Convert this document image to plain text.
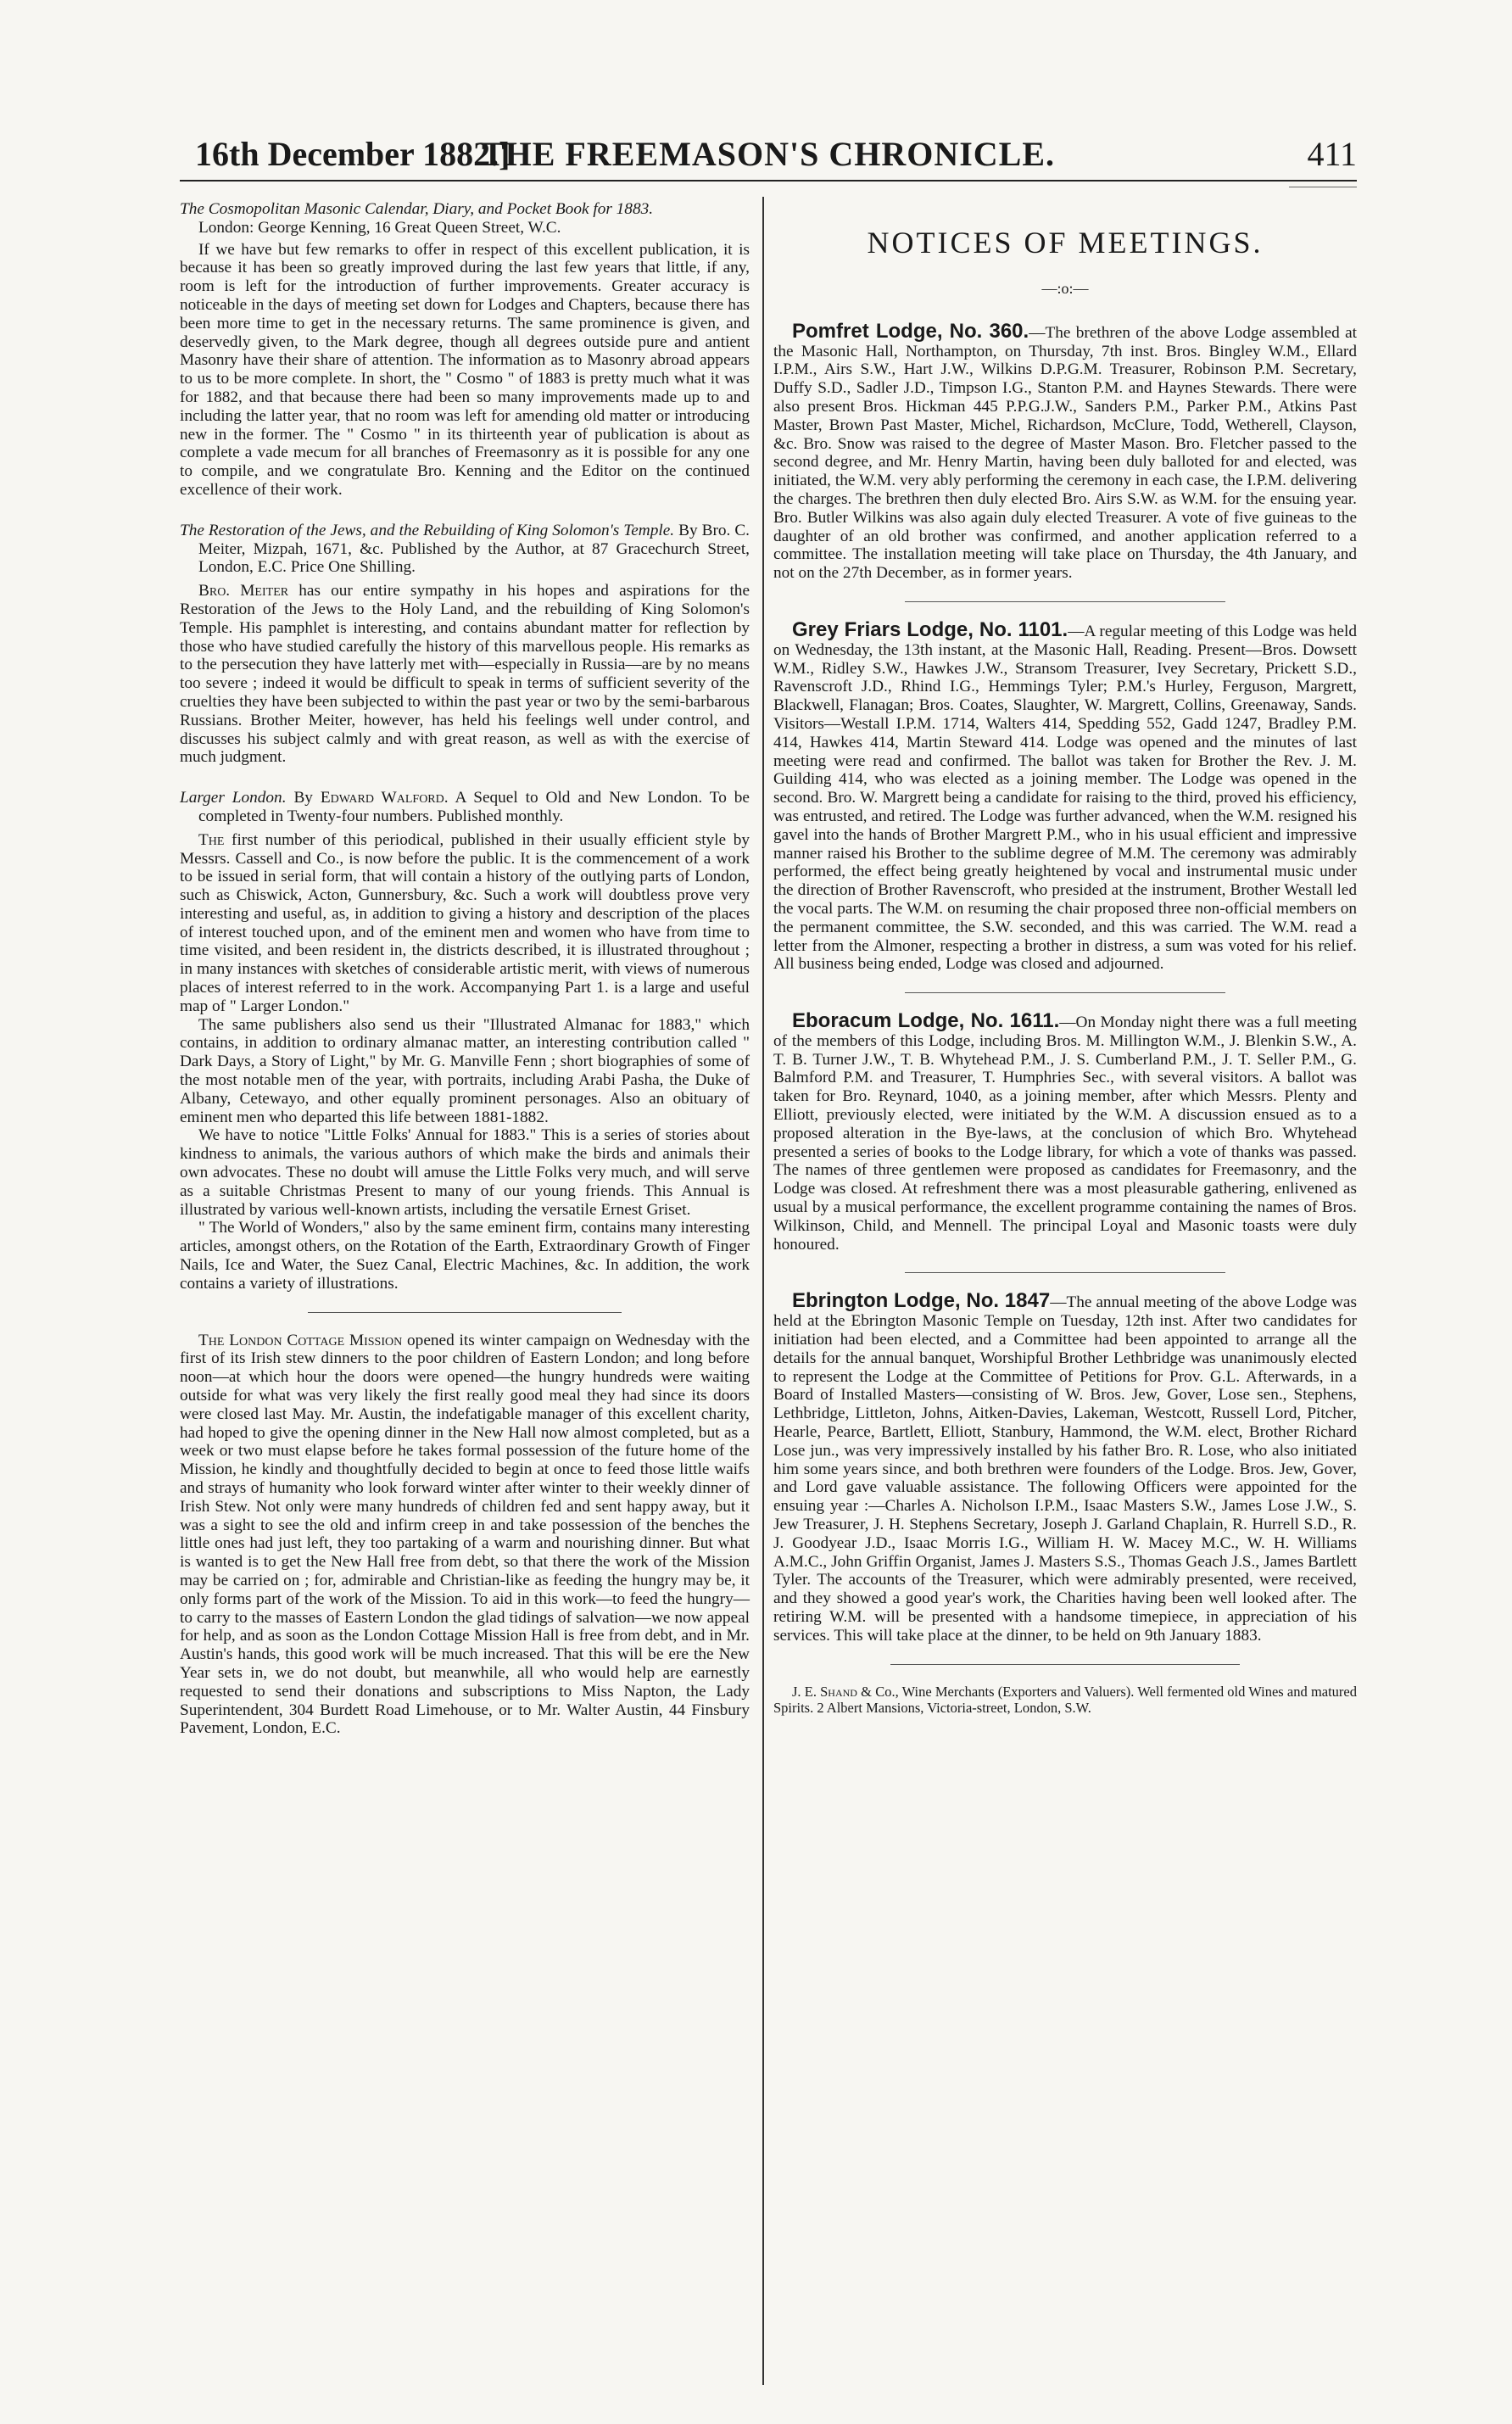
16th December 1882.]
THE FREEMASON'S CHRONICLE.	411

The Cosmopolitan Masonic Calendar, Diary, and Pocket Book for 1883.
London: George Kenning, 16 Great Queen Street, W.C.

If we have but few remarks to offer in respect of this excellent publication, it is because it has been so greatly improved during the last few years that little, if any, room is left for the introduction of further improvements. Greater accuracy is noticeable in the days of meeting set down for Lodges and Chapters, because there has been more time to get in the necessary returns. The same prominence is given, and deservedly given, to the Mark degree, though all degrees outside pure and antient Masonry have their share of attention. The information as to Masonry abroad appears to us to be more complete. In short, the " Cosmo " of 1883 is pretty much what it was for 1882, and that because there had been so many improvements made up to and including the latter year, that no room was left for amending old matter or introducing new in the former. The " Cosmo " in its thirteenth year of publication is about as complete a vade mecum for all branches of Freemasonry as it is possible for any one to compile, and we congratulate Bro. Kenning and the Editor on the continued excellence of their work.

The Restoration of the Jews, and the Rebuilding of King Solomon's Temple. By Bro. C. Meiter, Mizpah, 1671, &c. Published by the Author, at 87 Gracechurch Street, London, E.C. Price One Shilling.

Bro. Meiter has our entire sympathy in his hopes and aspirations for the Restoration of the Jews to the Holy Land, and the rebuilding of King Solomon's Temple. His pamphlet is interesting, and contains abundant matter for reflection by those who have studied carefully the history of this marvellous people. His remarks as to the persecution they have latterly met with—especially in Russia—are by no means too severe ; indeed it would be difficult to speak in terms of sufficient severity of the cruelties they have been subjected to within the past year or two by the semi-barbarous Russians. Brother Meiter, however, has held his feelings well under control, and discusses his subject calmly and with great reason, as well as with the exercise of much judgment.

Larger London. By Edward Walford. A Sequel to Old and New London. To be completed in Twenty-four numbers. Published monthly.

The first number of this periodical, published in their usually efficient style by Messrs. Cassell and Co., is now before the public. It is the commencement of a work to be issued in serial form, that will contain a history of the outlying parts of London, such as Chiswick, Acton, Gunnersbury, &c. Such a work will doubtless prove very interesting and useful, as, in addition to giving a history and description of the places of interest touched upon, and of the eminent men and women who have from time to time visited, and been resident in, the districts described, it is illustrated throughout ; in many instances with sketches of considerable artistic merit, with views of numerous places of interest referred to in the work. Accompanying Part 1. is a large and useful map of " Larger London."

The same publishers also send us their "Illustrated Almanac for 1883," which contains, in addition to ordinary almanac matter, an interesting contribution called " Dark Days, a Story of Light," by Mr. G. Manville Fenn ; short biographies of some of the most notable men of the year, with portraits, including Arabi Pasha, the Duke of Albany, Cetewayo, and other equally prominent personages. Also an obituary of eminent men who departed this life between 1881-1882.

We have to notice "Little Folks' Annual for 1883." This is a series of stories about kindness to animals, the various authors of which make the birds and animals their own advocates. These no doubt will amuse the Little Folks very much, and will serve as a suitable Christmas Present to many of our young friends. This Annual is illustrated by various well-known artists, including the versatile Ernest Griset.

" The World of Wonders," also by the same eminent firm, contains many interesting articles, amongst others, on the Rotation of the Earth, Extraordinary Growth of Finger Nails, Ice and Water, the Suez Canal, Electric Machines, &c. In addition, the work contains a variety of illustrations.

The London Cottage Mission opened its winter campaign on Wednesday with the first of its Irish stew dinners to the poor children of Eastern London; and long before noon—at which hour the doors were opened—the hungry hundreds were waiting outside for what was very likely the first really good meal they had since its doors were closed last May. Mr. Austin, the indefatigable manager of this excellent charity, had hoped to give the opening dinner in the New Hall now almost completed, but as a week or two must elapse before he takes formal possession of the future home of the Mission, he kindly and thoughtfully decided to begin at once to feed those little waifs and strays of humanity who look forward winter after winter to their weekly dinner of Irish Stew. Not only were many hundreds of children fed and sent happy away, but it was a sight to see the old and infirm creep in and take possession of the benches the little ones had just left, they too partaking of a warm and nourishing dinner. But what is wanted is to get the New Hall free from debt, so that there the work of the Mission may be carried on ; for, admirable and Christian-like as feeding the hungry may be, it only forms part of the work of the Mission. To aid in this work—to feed the hungry— to carry to the masses of Eastern London the glad tidings of salvation—we now appeal for help, and as soon as the London Cottage Mission Hall is free from debt, and in Mr. Austin's hands, this good work will be much increased. That this will be ere the New Year sets in, we do not doubt, but meanwhile, all who would help are earnestly requested to send their donations and subscriptions to Miss Napton, the Lady Superintendent, 304 Burdett Road Limehouse, or to Mr. Walter Austin, 44 Finsbury Pavement, London, E.C.

NOTICES OF MEETINGS.
—:o:—

Pomfret Lodge, No. 360.—The brethren of the above Lodge assembled at the Masonic Hall, Northampton, on Thursday, 7th inst. Bros. Bingley W.M., Ellard I.P.M., Airs S.W., Hart J.W., Wilkins D.P.G.M. Treasurer, Robinson P.M. Secretary, Duffy S.D., Sadler J.D., Timpson I.G., Stanton P.M. and Haynes Stewards. There were also present Bros. Hickman 445 P.P.G.J.W., Sanders P.M., Parker P.M., Atkins Past Master, Brown Past Master, Michel, Richardson, McClure, Todd, Wetherell, Clayson, &c. Bro. Snow was raised to the degree of Master Mason. Bro. Fletcher passed to the second degree, and Mr. Henry Martin, having been duly balloted for and elected, was initiated, the W.M. very ably performing the ceremony in each case, the I.P.M. delivering the charges. The brethren then duly elected Bro. Airs S.W. as W.M. for the ensuing year. Bro. Butler Wilkins was also again duly elected Treasurer. A vote of five guineas to the daughter of an old brother was confirmed, and another application referred to a committee. The installation meeting will take place on Thursday, the 4th January, and not on the 27th December, as in former years.

Grey Friars Lodge, No. 1101.—A regular meeting of this Lodge was held on Wednesday, the 13th instant, at the Masonic Hall, Reading. Present—Bros. Dowsett W.M., Ridley S.W., Hawkes J.W., Stransom Treasurer, Ivey Secretary, Prickett S.D., Ravenscroft J.D., Rhind I.G., Hemmings Tyler; P.M.'s Hurley, Ferguson, Margrett, Blackwell, Flanagan; Bros. Coates, Slaughter, W. Margrett, Collins, Greenaway, Sands. Visitors—Westall I.P.M. 1714, Walters 414, Spedding 552, Gadd 1247, Bradley P.M. 414, Hawkes 414, Martin Steward 414. Lodge was opened and the minutes of last meeting were read and confirmed. The ballot was taken for Brother the Rev. J. M. Guilding 414, who was elected as a joining member. The Lodge was opened in the second. Bro. W. Margrett being a candidate for raising to the third, proved his efficiency, was entrusted, and retired. The Lodge was further advanced, when the W.M. resigned his gavel into the hands of Brother Margrett P.M., who in his usual efficient and impressive manner raised his Brother to the sublime degree of M.M. The ceremony was admirably performed, the effect being greatly heightened by vocal and instrumental music under the direction of Brother Ravenscroft, who presided at the instrument, Brother Westall led the vocal parts. The W.M. on resuming the chair proposed three non-official members on the permanent committee, the S.W. seconded, and this was carried. The W.M. read a letter from the Almoner, respecting a brother in distress, a sum was voted for his relief. All business being ended, Lodge was closed and adjourned.

Eboracum Lodge, No. 1611.—On Monday night there was a full meeting of the members of this Lodge, including Bros. M. Millington W.M., J. Blenkin S.W., A. T. B. Turner J.W., T. B. Whytehead P.M., J. S. Cumberland P.M., J. T. Seller P.M., G. Balmford P.M. and Treasurer, T. Humphries Sec., with several visitors. A ballot was taken for Bro. Reynard, 1040, as a joining member, after which Messrs. Plenty and Elliott, previously elected, were initiated by the W.M. A discussion ensued as to a proposed alteration in the Bye-laws, at the conclusion of which Bro. Whytehead presented a series of books to the Lodge library, for which a vote of thanks was passed. The names of three gentlemen were proposed as candidates for Freemasonry, and the Lodge was closed. At refreshment there was a most pleasurable gathering, enlivened as usual by a musical performance, the excellent programme containing the names of Bros. Wilkinson, Child, and Mennell. The principal Loyal and Masonic toasts were duly honoured.

Ebrington Lodge, No. 1847—The annual meeting of the above Lodge was held at the Ebrington Masonic Temple on Tuesday, 12th inst. After two candidates for initiation had been elected, and a Committee had been appointed to arrange all the details for the annual banquet, Worshipful Brother Lethbridge was unanimously elected to represent the Lodge at the Committee of Petitions for Prov. G.L. Afterwards, in a Board of Installed Masters—consisting of W. Bros. Jew, Gover, Lose sen., Stephens, Lethbridge, Littleton, Johns, Aitken-Davies, Lakeman, Westcott, Russell Lord, Pitcher, Hearle, Pearce, Bartlett, Elliott, Stanbury, Hammond, the W.M. elect, Brother Richard Lose jun., was very impressively installed by his father Bro. R. Lose, who also initiated him some years since, and both brethren were founders of the Lodge. Bros. Jew, Gover, and Lord gave valuable assistance. The following Officers were appointed for the ensuing year :—Charles A. Nicholson I.P.M., Isaac Masters S.W., James Lose J.W., S. Jew Treasurer, J. H. Stephens Secretary, Joseph J. Garland Chaplain, R. Hurrell S.D., R. J. Goodyear J.D., Isaac Morris I.G., William H. W. Macey M.C., W. H. Williams A.M.C., John Griffin Organist, James J. Masters S.S., Thomas Geach J.S., James Bartlett Tyler. The accounts of the Treasurer, which were admirably presented, were received, and they showed a good year's work, the Charities having been well looked after. The retiring W.M. will be presented with a handsome timepiece, in appreciation of his services. This will take place at the dinner, to be held on 9th January 1883.

J. E. Shand & Co., Wine Merchants (Exporters and Valuers). Well fermented old Wines and matured Spirits. 2 Albert Mansions, Victoria-street, London, S.W.
